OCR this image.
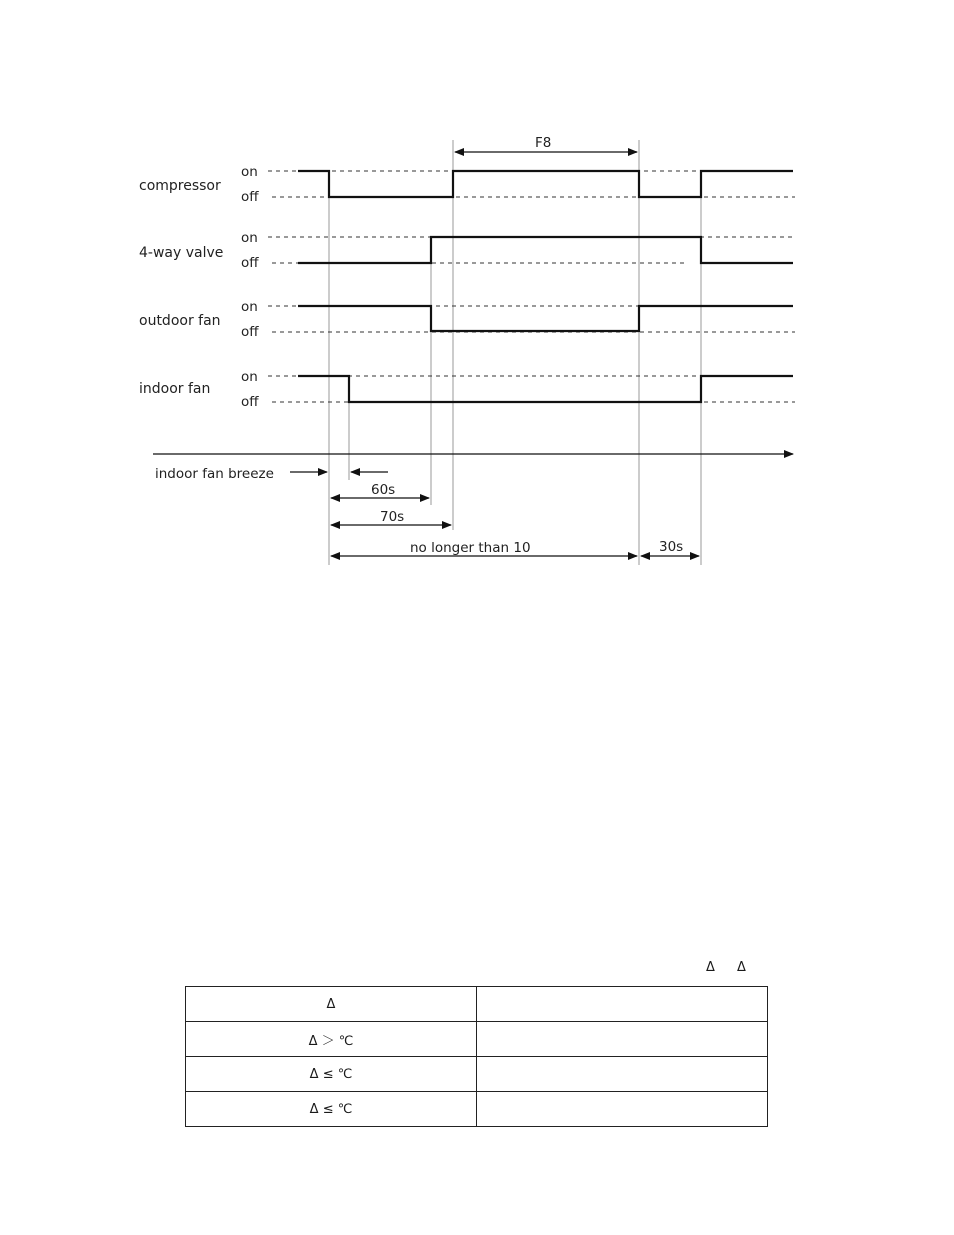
compressor
on
off
4-way valve
on
off
outdoor fan
on
off
indoor fan
on
off
F8
indoor fan breeze
60s
70s
no longer than 10	30s
Δ Δ
Δ	
Δ ＞ ℃	
Δ ≤ ℃	
Δ ≤ ℃	
